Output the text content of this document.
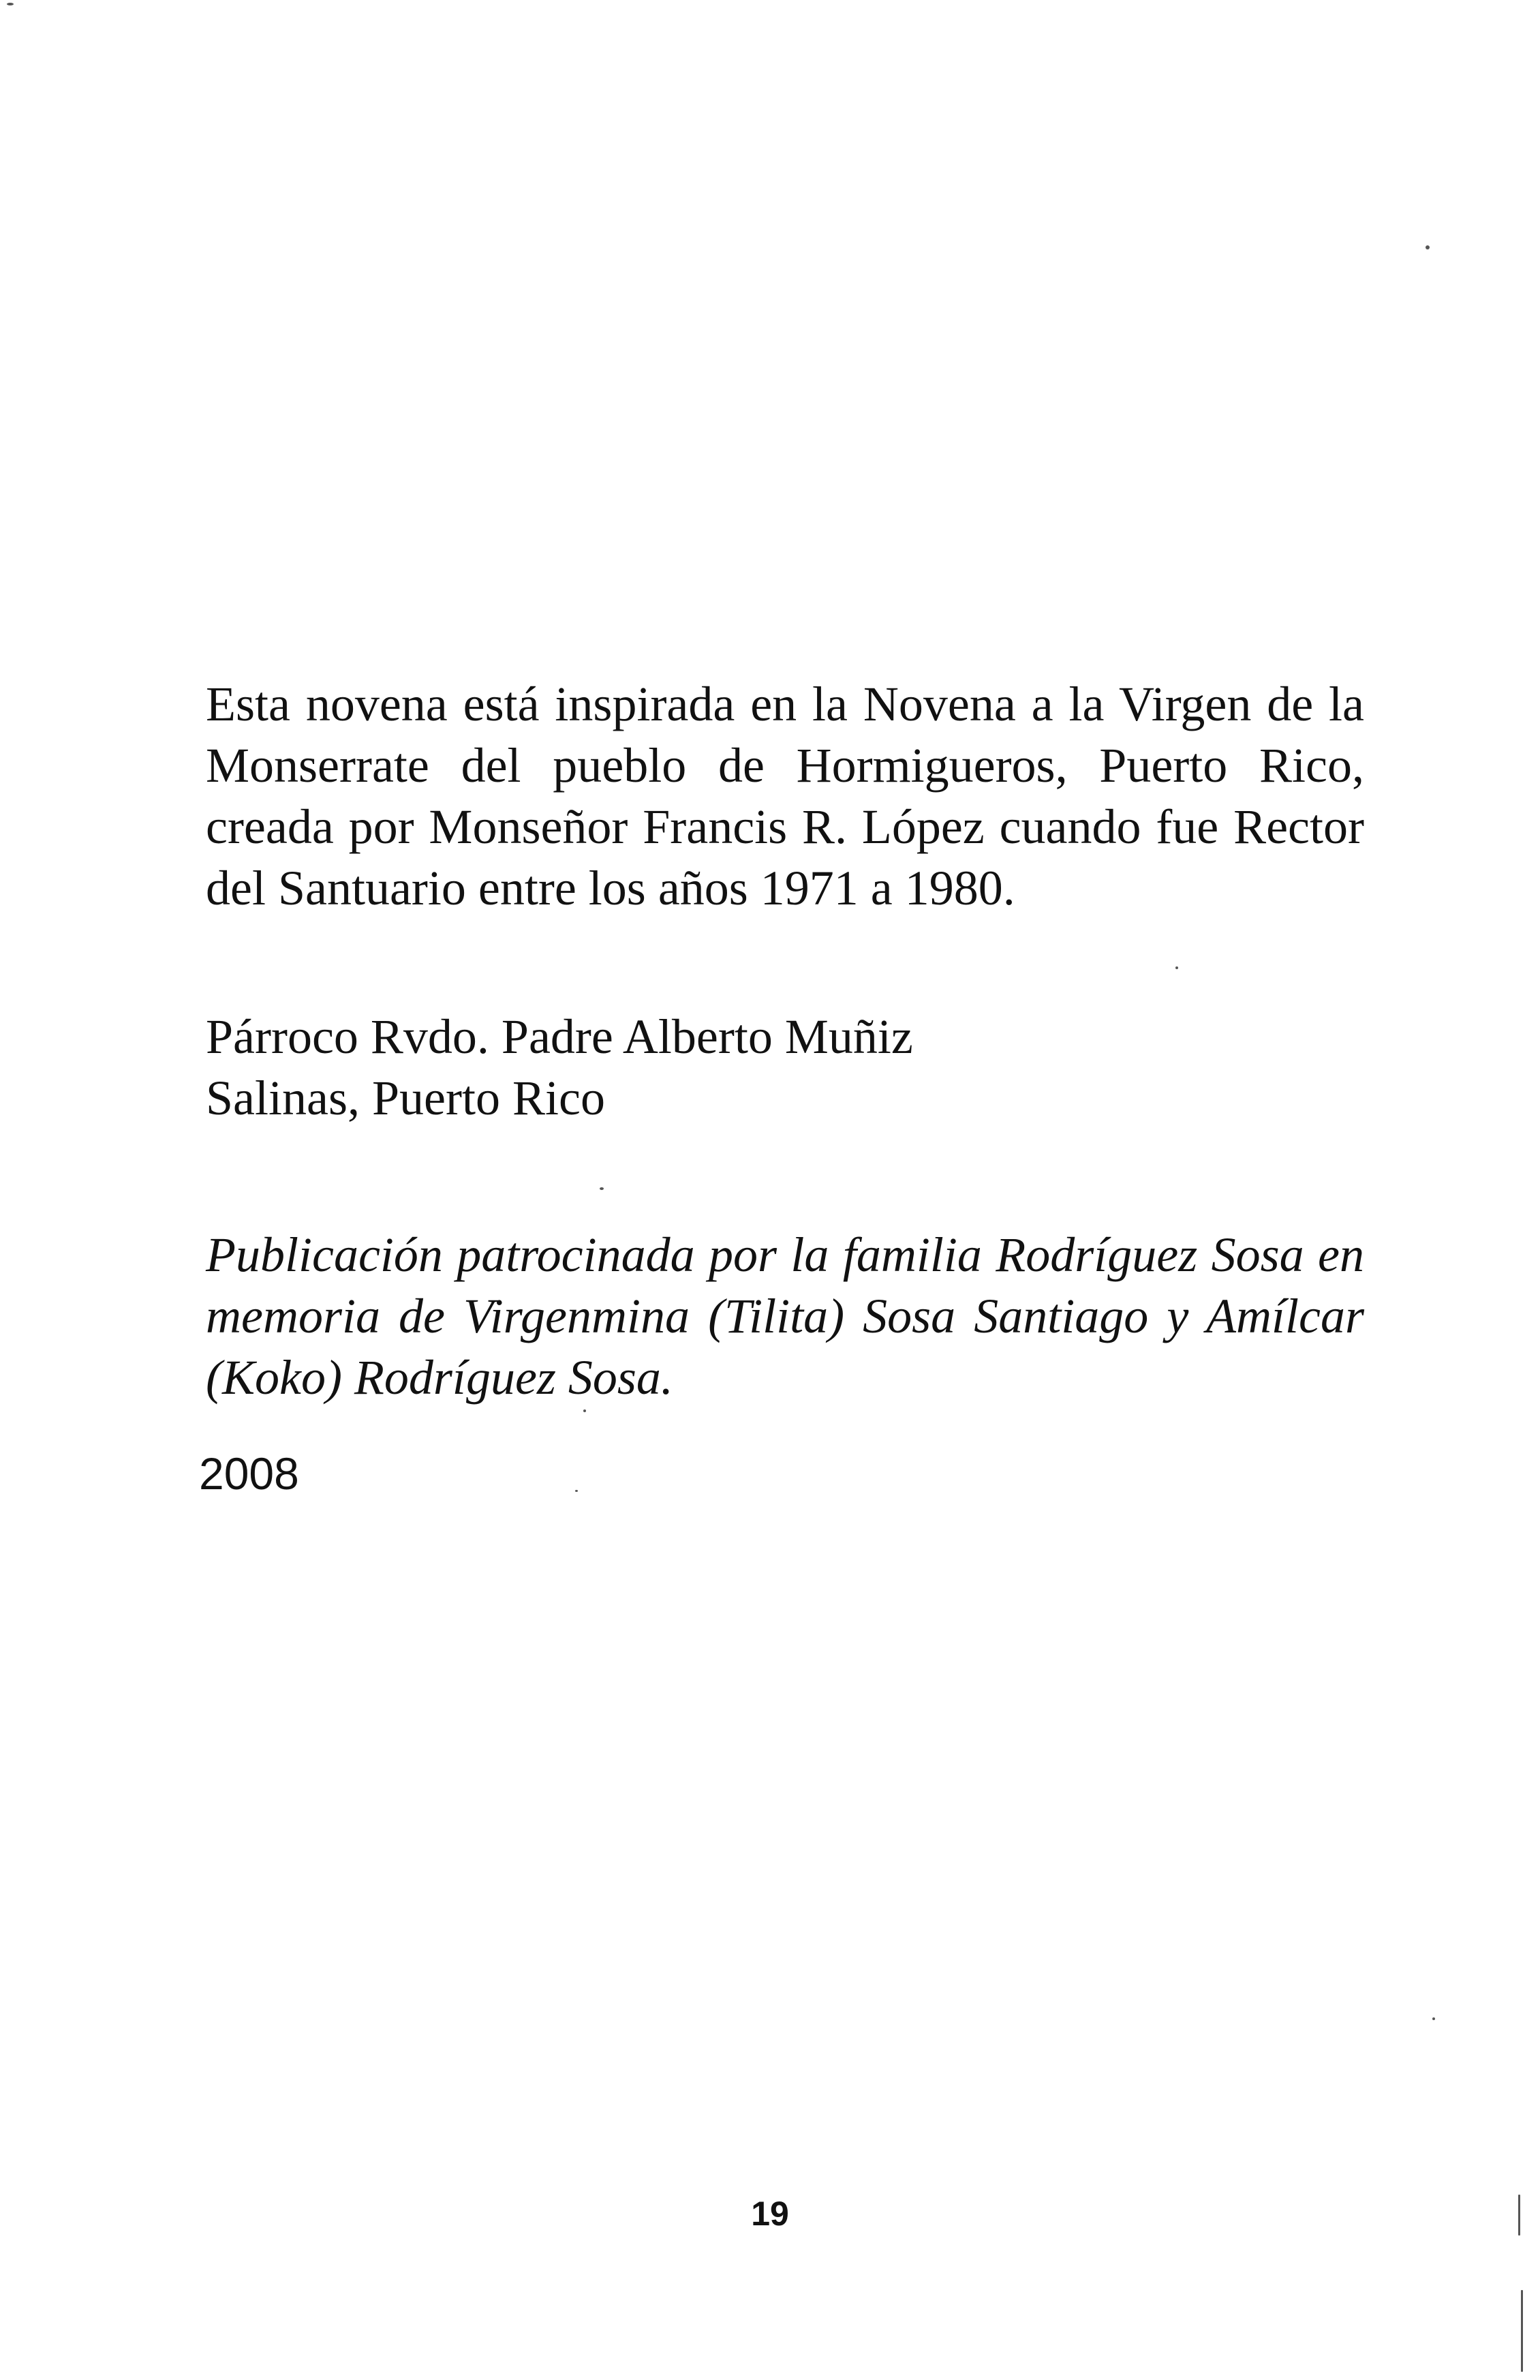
Esta novena está inspirada en la Novena a la Virgen de la Monserrate del pueblo de Hormigueros, Puerto Rico, creada por Monseñor Francis R. López cuando fue Rector del Santuario entre los años 1971 a 1980.

Párroco Rvdo. Padre Alberto Muñiz
Salinas, Puerto Rico

Publicación patrocinada por la familia Rodríguez Sosa en memoria de Virgenmina (Tilita) Sosa Santiago y Amílcar (Koko) Rodríguez Sosa.

2008

19
